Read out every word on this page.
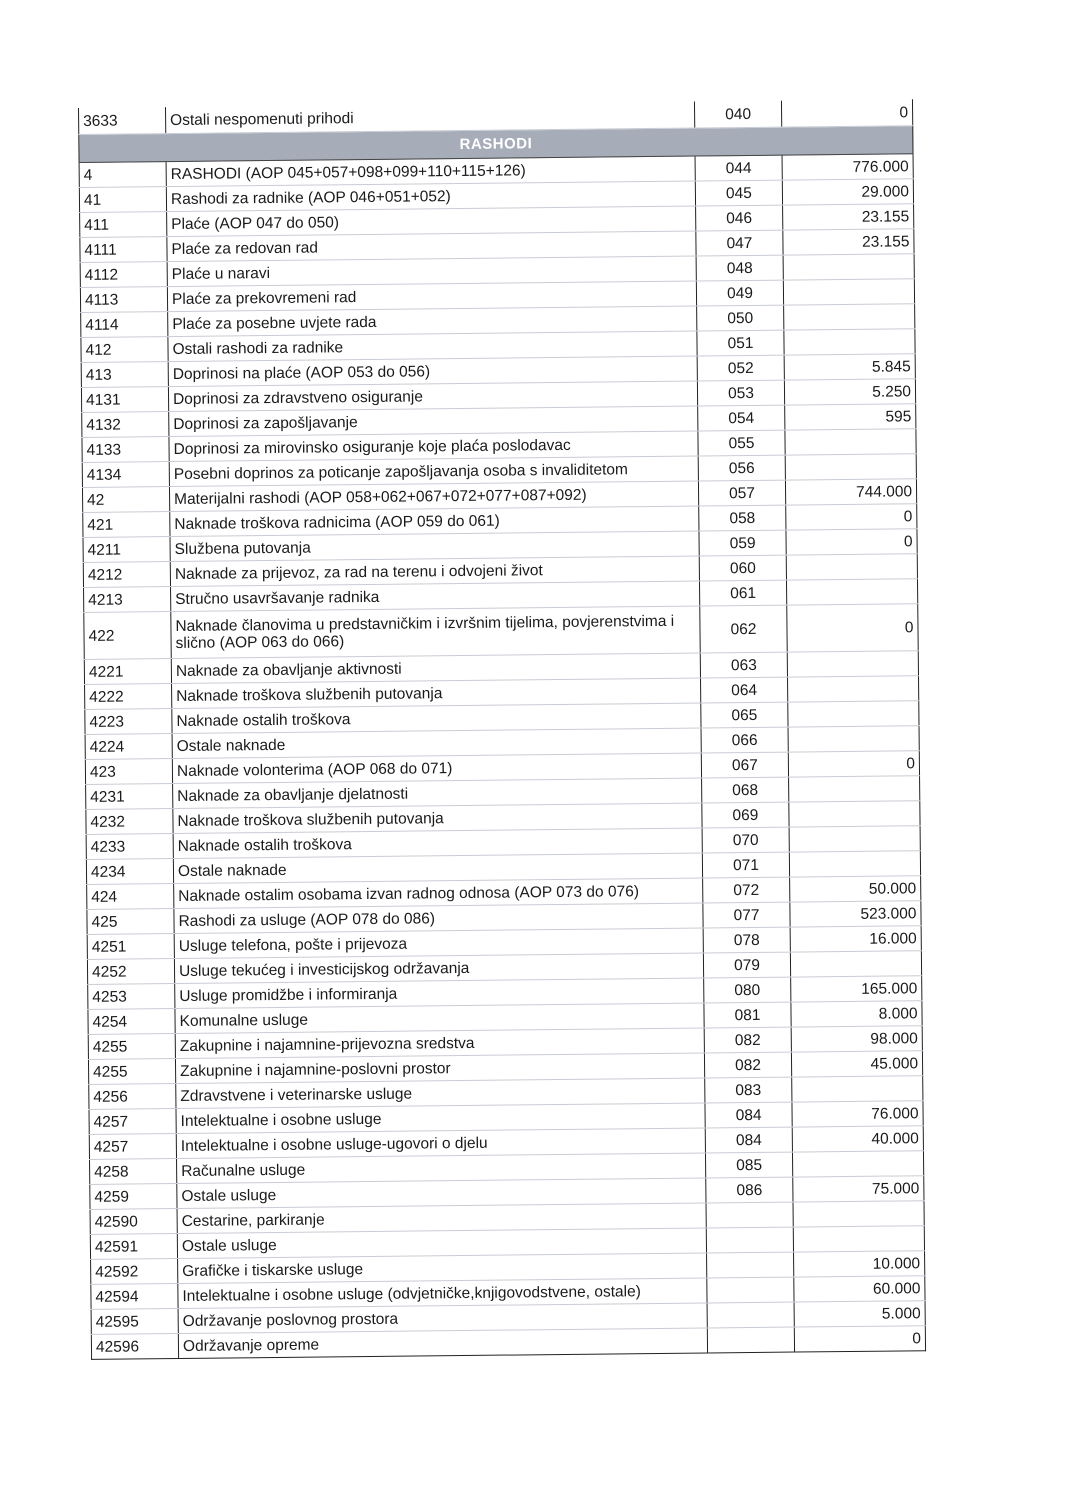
3633	Ostali nespomenuti prihodi	040	0
RASHODI			
4	RASHODI (AOP 045+057+098+099+110+115+126)	044	776.000
41	Rashodi za radnike (AOP 046+051+052)	045	29.000
411	Plaće (AOP 047 do 050)	046	23.155
4111	Plaće za redovan rad	047	23.155
4112	Plaće u naravi	048	
4113	Plaće za prekovremeni rad	049	
4114	Plaće za posebne uvjete rada	050	
412	Ostali rashodi za radnike	051	
413	Doprinosi na plaće (AOP 053 do 056)	052	5.845
4131	Doprinosi za zdravstveno osiguranje	053	5.250
4132	Doprinosi za zapošljavanje	054	595
4133	Doprinosi za mirovinsko osiguranje koje plaća poslodavac	055	
4134	Posebni doprinos za poticanje zapošljavanja osoba s invaliditetom	056	
42	Materijalni rashodi (AOP 058+062+067+072+077+087+092)	057	744.000
421	Naknade troškova radnicima (AOP 059 do 061)	058	0
4211	Službena putovanja	059	0
4212	Naknade za prijevoz, za rad na terenu i odvojeni život	060	
4213	Stručno usavršavanje radnika	061	
422	Naknade članovima u predstavničkim i izvršnim tijelima, povjerenstvima i slično (AOP 063 do 066)	062	0
4221	Naknade za obavljanje aktivnosti	063	
4222	Naknade troškova službenih putovanja	064	
4223	Naknade ostalih troškova	065	
4224	Ostale naknade	066	
423	Naknade volonterima (AOP 068 do 071)	067	0
4231	Naknade za obavljanje djelatnosti	068	
4232	Naknade troškova službenih putovanja	069	
4233	Naknade ostalih troškova	070	
4234	Ostale naknade	071	
424	Naknade ostalim osobama izvan radnog odnosa (AOP 073 do 076)	072	50.000
425	Rashodi za usluge (AOP 078 do 086)	077	523.000
4251	Usluge telefona, pošte i prijevoza	078	16.000
4252	Usluge tekućeg i investicijskog održavanja	079	
4253	Usluge promidžbe i informiranja	080	165.000
4254	Komunalne usluge	081	8.000
4255	Zakupnine i najamnine-prijevozna sredstva	082	98.000
4255	Zakupnine i najamnine-poslovni prostor	082	45.000
4256	Zdravstvene i veterinarske usluge	083	
4257	Intelektualne i osobne usluge	084	76.000
4257	Intelektualne i osobne usluge-ugovori o djelu	084	40.000
4258	Računalne usluge	085	
4259	Ostale usluge	086	75.000
42590	Cestarine, parkiranje		
42591	Ostale usluge		
42592	Grafičke i tiskarske usluge		10.000
42594	Intelektualne i osobne usluge (odvjetničke,knjigovodstvene, ostale)		60.000
42595	Održavanje poslovnog prostora		5.000
42596	Održavanje opreme		0
